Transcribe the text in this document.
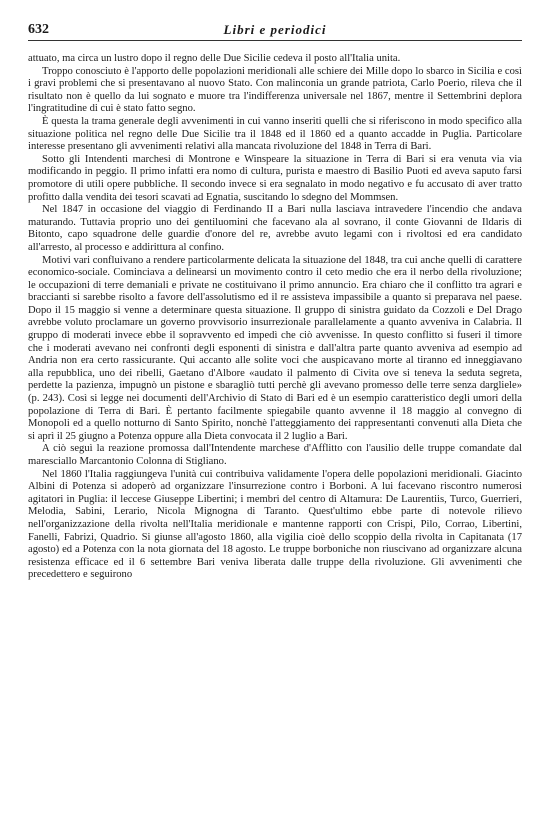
632	Libri e periodici

attuato, ma circa un lustro dopo il regno delle Due Sicilie cedeva il posto all'Italia unita.

Troppo conosciuto è l'apporto delle popolazioni meridionali alle schiere dei Mille dopo lo sbarco in Sicilia e così i gravi problemi che si presentavano al nuovo Stato. Con malinconia un grande patriota, Carlo Poerio, rileva che il risultato non è quello da lui sognato e muore tra l'indifferenza universale nel 1867, mentre il Settembrini deplora l'ingratitudine di cui è stato fatto segno.

È questa la trama generale degli avvenimenti in cui vanno inseriti quelli che si riferiscono in modo specifico alla situazione politica nel regno delle Due Sicilie tra il 1848 ed il 1860 ed a quanto accadde in Puglia. Particolare interesse presentano gli avvenimenti relativi alla mancata rivoluzione del 1848 in Terra di Bari.

Sotto gli Intendenti marchesi di Montrone e Winspeare la situazione in Terra di Bari si era venuta via via modificando in peggio. Il primo infatti era nomo di cultura, purista e maestro di Basilio Puoti ed aveva saputo farsi promotore di utili opere pubbliche. Il secondo invece si era segnalato in modo negativo e fu accusato di aver tratto profitto dalla vendita dei tesori scavati ad Egnatia, suscitando lo sdegno del Mommsen.

Nel 1847 in occasione del viaggio di Ferdinando II a Bari nulla lasciava intravedere l'incendio che andava maturando. Tuttavia proprio uno dei gentiluomini che facevano ala al sovrano, il conte Giovanni de Ildaris di Bitonto, capo squadrone delle guardie d'onore del re, avrebbe avuto legami con i rivoltosi ed era candidato all'arresto, al processo e addirittura al confino.

Motivi vari confluivano a rendere particolarmente delicata la situazione del 1848, tra cui anche quelli di carattere economico-sociale. Cominciava a delinearsi un movimento contro il ceto medio che era il nerbo della rivoluzione; le occupazioni di terre demaniali e private ne costituivano il primo annuncio. Era chiaro che il conflitto tra agrari e braccianti si sarebbe risolto a favore dell'assolutismo ed il re assisteva impassibile a quanto si preparava nel paese. Dopo il 15 maggio si venne a determinare questa situazione. Il gruppo di sinistra guidato da Cozzoli e Del Drago avrebbe voluto proclamare un governo provvisorio insurrezionale parallelamente a quanto avveniva in Calabria. Il gruppo di moderati invece ebbe il sopravvento ed impedì che ciò avvenisse. In questo conflitto si fuseri il timore che i moderati avevano nei confronti degli esponenti di sinistra e dall'altra parte quanto avveniva ad esempio ad Andria non era certo rassicurante. Qui accanto alle solite voci che auspicavano morte al tiranno ed inneggiavano alla repubblica, uno dei ribelli, Gaetano d'Albore «audato il palmento di Civita ove si teneva la seduta segreta, perdette la pazienza, impugnò un pistone e sbaragliò tutti perchè gli avevano promesso delle terre senza dargliele» (p. 243). Così si legge nei documenti dell'Archivio di Stato di Bari ed è un esempio caratteristico degli umori della popolazione di Terra di Bari. È pertanto facilmente spiegabile quanto avvenne il 18 maggio al convegno di Monopoli ed a quello notturno di Santo Spirito, nonchè l'atteggiamento dei rappresentanti convenuti alla Dieta che si aprì il 25 giugno a Potenza oppure alla Dieta convocata il 2 luglio a Bari.

A ciò seguì la reazione promossa dall'Intendente marchese d'Afflitto con l'ausilio delle truppe comandate dal maresciallo Marcantonio Colonna di Stigliano.

Nel 1860 l'Italia raggiungeva l'unità cui contribuiva validamente l'opera delle popolazioni meridionali. Giacinto Albini di Potenza si adoperò ad organizzare l'insurrezione contro i Borboni. A lui facevano riscontro numerosi agitatori in Puglia: il leccese Giuseppe Libertini; i membri del centro di Altamura: De Laurentiis, Turco, Guerrieri, Melodia, Sabini, Lerario, Nicola Mignogna di Taranto. Quest'ultimo ebbe parte di notevole rilievo nell'organizzazione della rivolta nell'Italia meridionale e mantenne rapporti con Crispi, Pilo, Corrao, Libertini, Fanelli, Fabrizi, Quadrio. Si giunse all'agosto 1860, alla vigilia cioè dello scoppio della rivolta in Capitanata (17 agosto) ed a Potenza con la nota giornata del 18 agosto. Le truppe borboniche non riuscivano ad organizzare alcuna resistenza efficace ed il 6 settembre Bari veniva liberata dalle truppe della rivoluzione. Gli avvenimenti che precedettero e seguirono
